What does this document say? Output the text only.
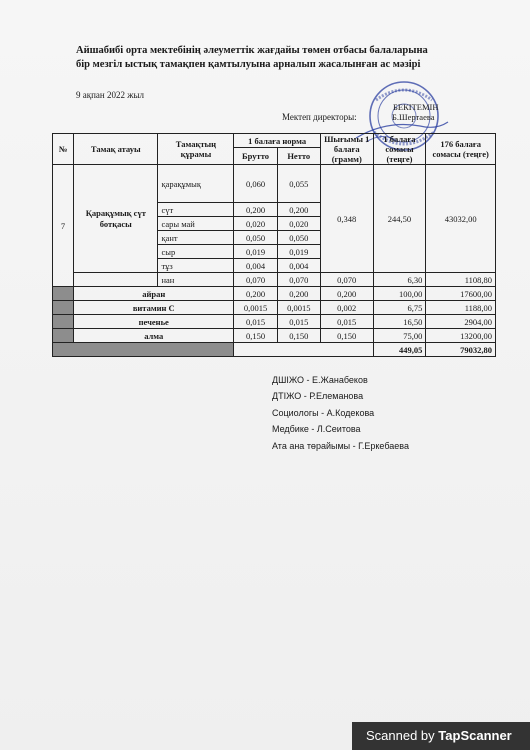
Айшабибі орта мектебінің әлеуметтік жағдайы төмен отбасы балаларына
бір мезгіл ыстық тамақпен қамтылуына арналып жасалынған ас мәзірі
9 ақпан 2022 жыл
БЕКІТЕМІН
Мектеп директоры:	Б.Шертаева
№	Тамақ атауы	Тамақтың құрамы	1 балаға норма		Шығымы 1 балаға (грамм)	1 балаға сомасы (теңге)	176 балаға сомасы (теңге)
			Брутто	Нетто			
7	Қарақұмық сүт ботқасы	қарақұмық	0,060	0,055	0,348	244,50	43032,00
		сүт	0,200	0,200			
		сары май	0,020	0,020			
		қант	0,050	0,050			
		сыр	0,019	0,019			
		тұз	0,004	0,004			
		нан	0,070	0,070	0,070	6,30	1108,80
	айран		0,200	0,200	0,200	100,00	17600,00
	витамин С		0,0015	0,0015	0,002	6,75	1188,00
	печенье		0,015	0,015	0,015	16,50	2904,00
	алма		0,150	0,150	0,150	75,00	13200,00
						449,05	79032,80
ДШІЖО - Е.Жанабеков
ДТІЖО - Р.Елеманова
Социологы - А.Кодекова
Медбике - Л.Сеитова
Ата ана төрайымы - Г.Еркебаева
Scanned by TapScanner
